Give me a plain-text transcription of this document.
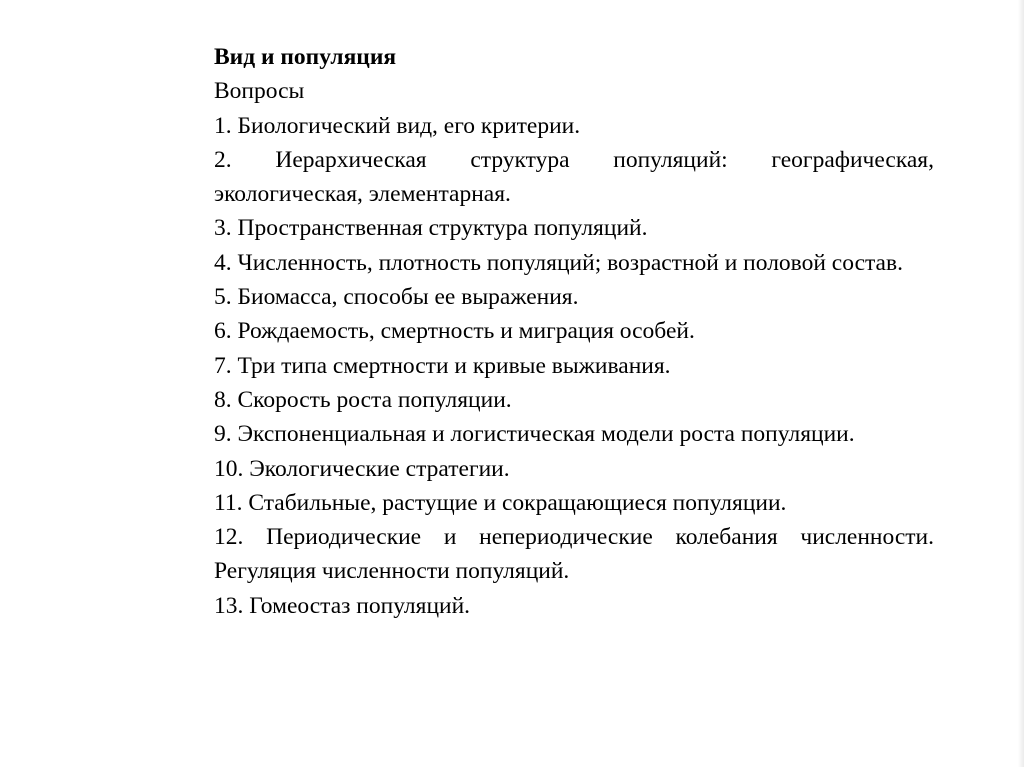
Вид и популяция

Вопросы

1. Биологический вид, его критерии.

2. Иерархическая структура популяций: географическая, экологическая, элементарная.

3. Пространственная структура популяций.

4. Численность, плотность популяций; возрастной и половой состав.

5. Биомасса, способы ее выражения.

6. Рождаемость, смертность и миграция особей.

7. Три типа смертности и кривые выживания.

8. Скорость роста популяции.

9. Экспоненциальная и логистическая модели роста популяции.

10. Экологические стратегии.

11. Стабильные, растущие и сокращающиеся популяции.

12. Периодические и непериодические колебания численности. Регуляция численности популяций.

13. Гомеостаз популяций.
